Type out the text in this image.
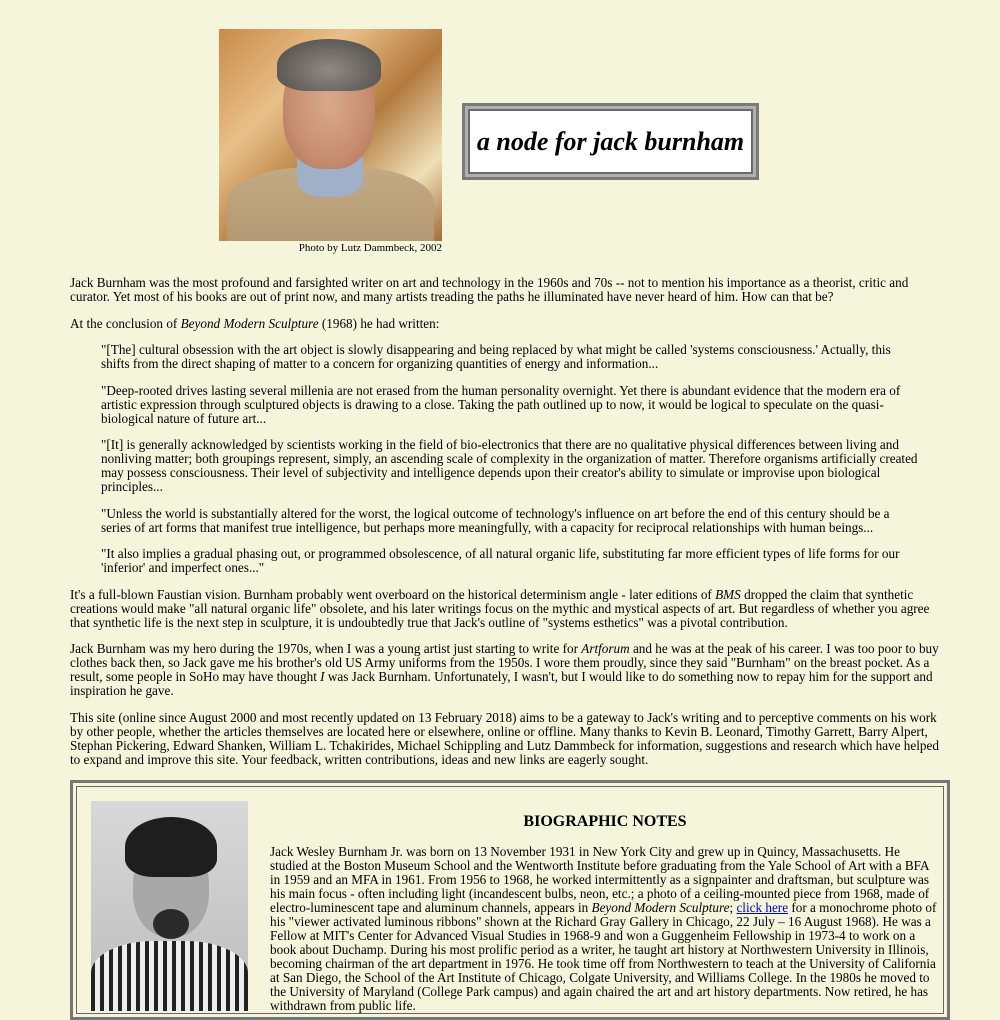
Photo by Lutz Dammbeck, 2002
a node for jack burnham

Jack Burnham was the most profound and farsighted writer on art and technology in the 1960s and 70s -- not to mention his importance as a theorist, critic and curator. Yet most of his books are out of print now, and many artists treading the paths he illuminated have never heard of him. How can that be?

At the conclusion of Beyond Modern Sculpture (1968) he had written:

"[The] cultural obsession with the art object is slowly disappearing and being replaced by what might be called 'systems consciousness.' Actually, this shifts from the direct shaping of matter to a concern for organizing quantities of energy and information...

"Deep-rooted drives lasting several millenia are not erased from the human personality overnight. Yet there is abundant evidence that the modern era of artistic expression through sculptured objects is drawing to a close. Taking the path outlined up to now, it would be logical to speculate on the quasi-biological nature of future art...

"[It] is generally acknowledged by scientists working in the field of bio-electronics that there are no qualitative physical differences between living and nonliving matter; both groupings represent, simply, an ascending scale of complexity in the organization of matter. Therefore organisms artificially created may possess consciousness. Their level of subjectivity and intelligence depends upon their creator's ability to simulate or improvise upon biological principles...

"Unless the world is substantially altered for the worst, the logical outcome of technology's influence on art before the end of this century should be a series of art forms that manifest true intelligence, but perhaps more meaningfully, with a capacity for reciprocal relationships with human beings...

"It also implies a gradual phasing out, or programmed obsolescence, of all natural organic life, substituting far more efficient types of life forms for our 'inferior' and imperfect ones..."

It's a full-blown Faustian vision. Burnham probably went overboard on the historical determinism angle - later editions of BMS dropped the claim that synthetic creations would make "all natural organic life" obsolete, and his later writings focus on the mythic and mystical aspects of art. But regardless of whether you agree that synthetic life is the next step in sculpture, it is undoubtedly true that Jack's outline of "systems esthetics" was a pivotal contribution.

Jack Burnham was my hero during the 1970s, when I was a young artist just starting to write for Artforum and he was at the peak of his career. I was too poor to buy clothes back then, so Jack gave me his brother's old US Army uniforms from the 1950s. I wore them proudly, since they said "Burnham" on the breast pocket. As a result, some people in SoHo may have thought I was Jack Burnham. Unfortunately, I wasn't, but I would like to do something now to repay him for the support and inspiration he gave.

This site (online since August 2000 and most recently updated on 13 February 2018) aims to be a gateway to Jack's writing and to perceptive comments on his work by other people, whether the articles themselves are located here or elsewhere, online or offline. Many thanks to Kevin B. Leonard, Timothy Garrett, Barry Alpert, Stephan Pickering, Edward Shanken, William L. Tchakirides, Michael Schippling and Lutz Dammbeck for information, suggestions and research which have helped to expand and improve this site. Your feedback, written contributions, ideas and new links are eagerly sought.

BIOGRAPHIC NOTES
Jack Wesley Burnham Jr. was born on 13 November 1931 in New York City and grew up in Quincy, Massachusetts. He studied at the Boston Museum School and the Wentworth Institute before graduating from the Yale School of Art with a BFA in 1959 and an MFA in 1961. From 1956 to 1968, he worked intermittently as a signpainter and draftsman, but sculpture was his main focus - often including light (incandescent bulbs, neon, etc.; a photo of a ceiling-mounted piece from 1968, made of electro-luminescent tape and aluminum channels, appears in Beyond Modern Sculpture; click here for a monochrome photo of his "viewer activated luminous ribbons" shown at the Richard Gray Gallery in Chicago, 22 July – 16 August 1968). He was a Fellow at MIT's Center for Advanced Visual Studies in 1968-9 and won a Guggenheim Fellowship in 1973-4 to work on a book about Duchamp. During his most prolific period as a writer, he taught art history at Northwestern University in Illinois, becoming chairman of the art department in 1976. He took time off from Northwestern to teach at the University of California at San Diego, the School of the Art Institute of Chicago, Colgate University, and Williams College. In the 1980s he moved to the University of Maryland (College Park campus) and again chaired the art and art history departments. Now retired, he has withdrawn from public life.
